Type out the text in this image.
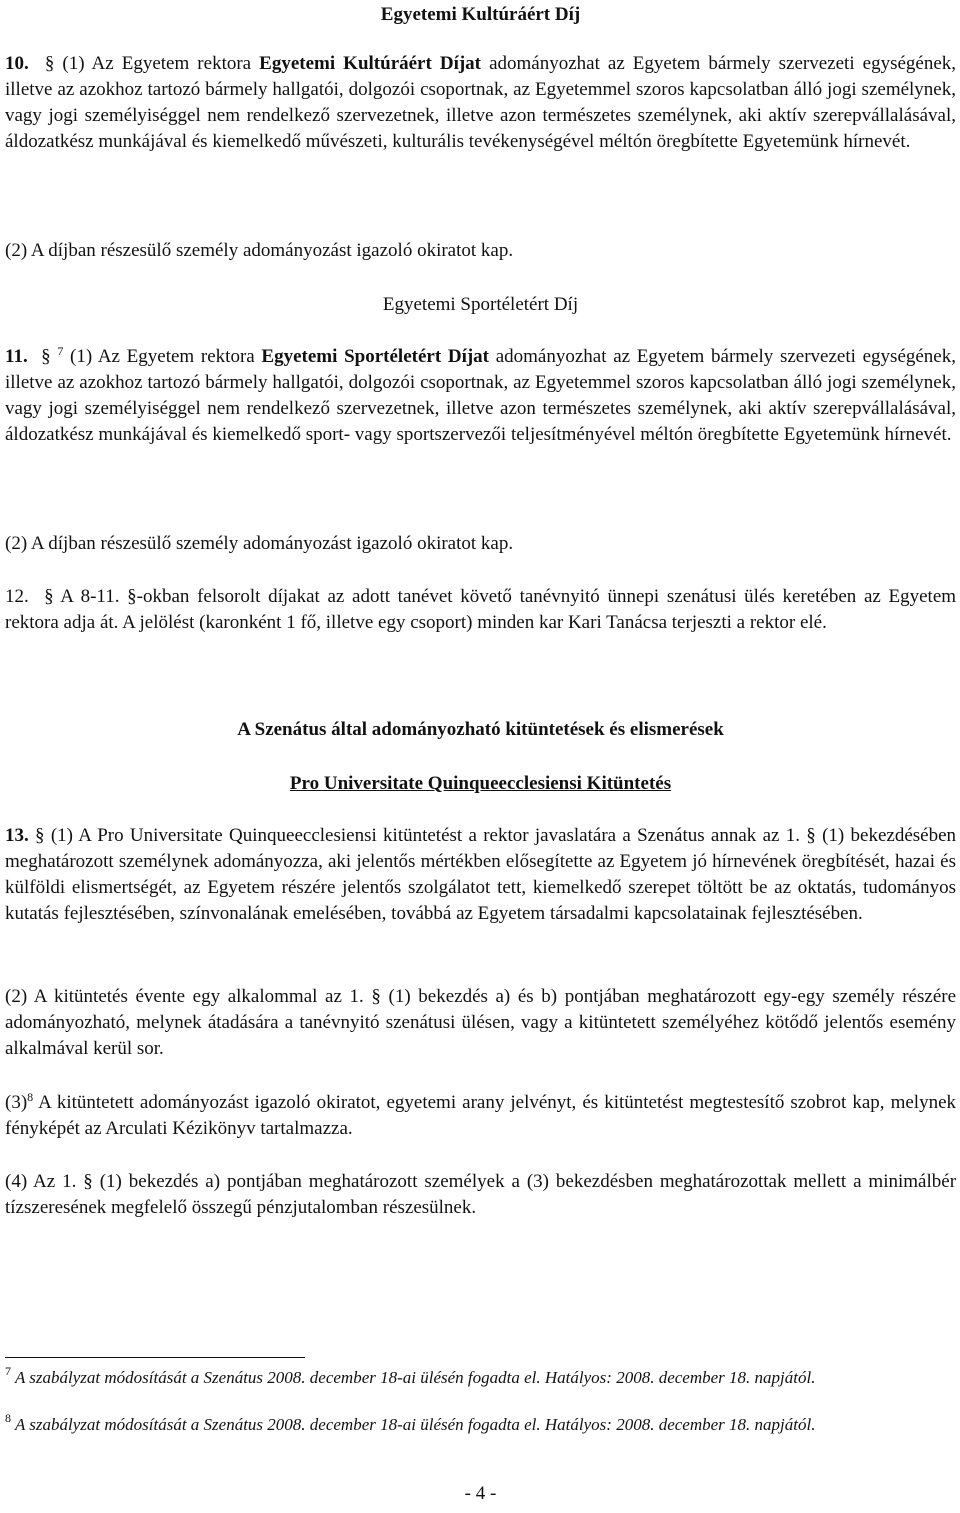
Egyetemi Kultúráért Díj

10. § (1) Az Egyetem rektora Egyetemi Kultúráért Díjat adományozhat az Egyetem bármely szervezeti egységének, illetve az azokhoz tartozó bármely hallgatói, dolgozói csoportnak, az Egyetemmel szoros kapcsolatban álló jogi személynek, vagy jogi személyiséggel nem rendelkező szervezetnek, illetve azon természetes személynek, aki aktív szerepvállalásával, áldozatkész munkájával és kiemelkedő művészeti, kulturális tevékenységével méltón öregbítette Egyetemünk hírnevét.

(2) A díjban részesülő személy adományozást igazoló okiratot kap.

Egyetemi Sportéletért Díj

11. § $^7$ (1) Az Egyetem rektora Egyetemi Sportéletért Díjat adományozhat az Egyetem bármely szervezeti egységének, illetve az azokhoz tartozó bármely hallgatói, dolgozói csoportnak, az Egyetemmel szoros kapcsolatban álló jogi személynek, vagy jogi személyiséggel nem rendelkező szervezetnek, illetve azon természetes személynek, aki aktív szerepvállalásával, áldozatkész munkájával és kiemelkedő sport- vagy sportszervezői teljesítményével méltón öregbítette Egyetemünk hírnevét.

(2) A díjban részesülő személy adományozást igazoló okiratot kap.

12. § A 8-11. §-okban felsorolt díjakat az adott tanévet követő tanévnyitó ünnepi szenátusi ülés keretében az Egyetem rektora adja át. A jelölést (karonként 1 fő, illetve egy csoport) minden kar Kari Tanácsa terjeszti a rektor elé.

A Szenátus által adományozható kitüntetések és elismerések
Pro Universitate Quinqueecclesiensi Kitüntetés

13. § (1) A Pro Universitate Quinqueecclesiensi kitüntetést a rektor javaslatára a Szenátus annak az 1. § (1) bekezdésében meghatározott személynek adományozza, aki jelentős mértékben elősegítette az Egyetem jó hírnevének öregbítését, hazai és külföldi elismertségét, az Egyetem részére jelentős szolgálatot tett, kiemelkedő szerepet töltött be az oktatás, tudományos kutatás fejlesztésében, színvonalának emelésében, továbbá az Egyetem társadalmi kapcsolatainak fejlesztésében.

(2) A kitüntetés évente egy alkalommal az 1. § (1) bekezdés a) és b) pontjában meghatározott egy-egy személy részére adományozható, melynek átadására a tanévnyitó szenátusi ülésen, vagy a kitüntetett személyéhez kötődő jelentős esemény alkalmával kerül sor.

$(3)^8$ A kitüntetett adományozást igazoló okiratot, egyetemi arany jelvényt, és kitüntetést megtestesítő szobrot kap, melynek fényképét az Arculati Kézikönyv tartalmazza.

(4) Az 1. § (1) bekezdés a) pontjában meghatározott személyek a (3) bekezdésben meghatározottak mellett a minimálbér tízszeresének megfelelő összegű pénzjutalomban részesülnek.

$^7$ A szabályzat módosítását a Szenátus 2008. december 18-ai ülésén fogadta el. Hatályos: 2008. december 18. napjától.

$^8$ A szabályzat módosítását a Szenátus 2008. december 18-ai ülésén fogadta el. Hatályos: 2008. december 18. napjától.

- 4 -
